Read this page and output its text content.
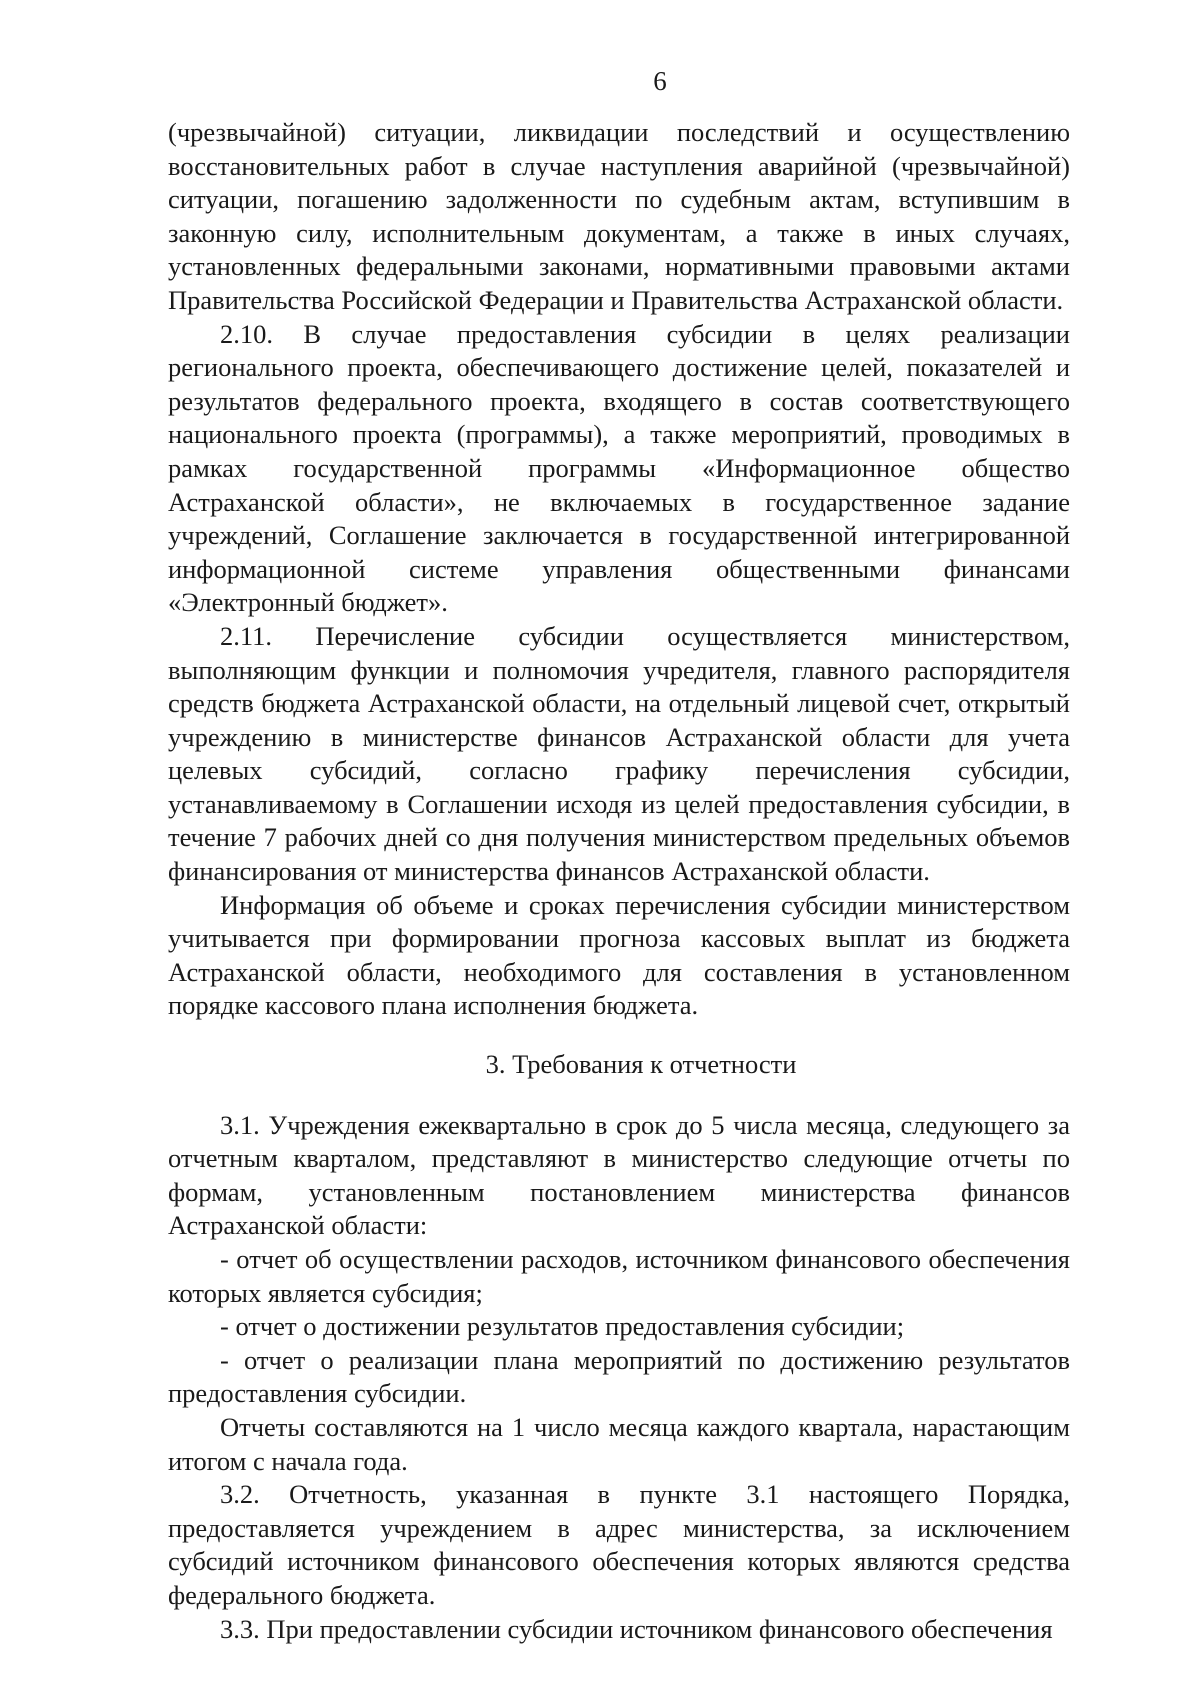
6

(чрезвычайной) ситуации, ликвидации последствий и осуществлению восстановительных работ в случае наступления аварийной (чрезвычайной) ситуации, погашению задолженности по судебным актам, вступившим в законную силу, исполнительным документам, а также в иных случаях, установленных федеральными законами, нормативными правовыми актами Правительства Российской Федерации и Правительства Астраханской области.

2.10. В случае предоставления субсидии в целях реализации регионального проекта, обеспечивающего достижение целей, показателей и результатов федерального проекта, входящего в состав соответствующего национального проекта (программы), а также мероприятий, проводимых в рамках государственной программы «Информационное общество Астраханской области», не включаемых в государственное задание учреждений, Соглашение заключается в государственной интегрированной информационной системе управления общественными финансами «Электронный бюджет».

2.11. Перечисление субсидии осуществляется министерством, выполняющим функции и полномочия учредителя, главного распорядителя средств бюджета Астраханской области, на отдельный лицевой счет, открытый учреждению в министерстве финансов Астраханской области для учета целевых субсидий, согласно графику перечисления субсидии, устанавливаемому в Соглашении исходя из целей предоставления субсидии, в течение 7 рабочих дней со дня получения министерством предельных объемов финансирования от министерства финансов Астраханской области.

Информация об объеме и сроках перечисления субсидии министерством учитывается при формировании прогноза кассовых выплат из бюджета Астраханской области, необходимого для составления в установленном порядке кассового плана исполнения бюджета.

3. Требования к отчетности

3.1. Учреждения ежеквартально в срок до 5 числа месяца, следующего за отчетным кварталом, представляют в министерство следующие отчеты по формам, установленным постановлением министерства финансов Астраханской области:

- отчет об осуществлении расходов, источником финансового обеспечения которых является субсидия;

- отчет о достижении результатов предоставления субсидии;

- отчет о реализации плана мероприятий по достижению результатов предоставления субсидии.

Отчеты составляются на 1 число месяца каждого квартала, нарастающим итогом с начала года.

3.2. Отчетность, указанная в пункте 3.1 настоящего Порядка, предоставляется учреждением в адрес министерства, за исключением субсидий источником финансового обеспечения которых являются средства федерального бюджета.

3.3. При предоставлении субсидии источником финансового обеспечения
